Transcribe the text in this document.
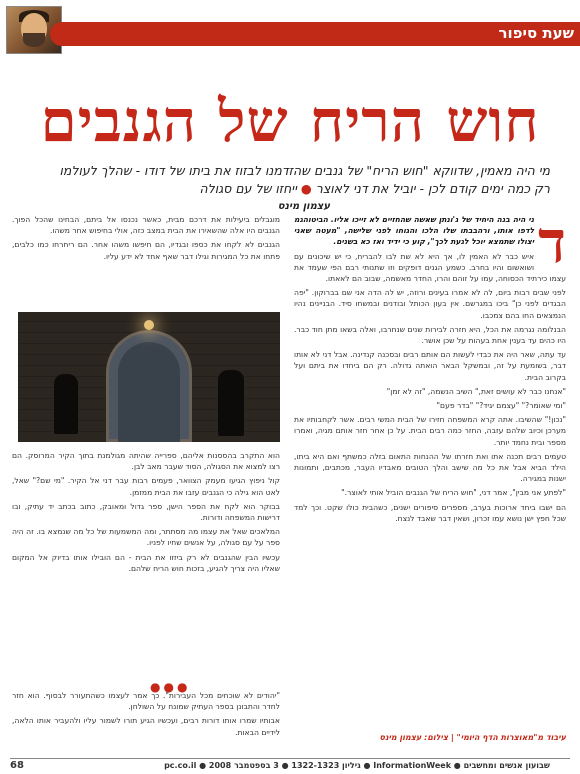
שעת סיפור
חוש הריח של הגנבים
מי היה מאמין, שדווקא "חוש הריח" של גנבים שהזדמנו לבזוז את ביתו של דודו - שהלך לעולמו
רק כמה ימים קודם לכן - יוביל את דני לאוצר ● ייחזו של עם סגולה
עצמון מינס
ד

ני היה בנה היחיד של ג'ונתן שאשה שהחזיים לא זייכו אליו. הביטוהגמ לדפו אותו, ורהבבתו שלו הלכו והגוחו לפני שלישה, "מעטה שאני יצולו שתמצא יוכל לגעת לכך", קוע כי ידיד ואז כא בשנים.

איש כבר לא האמין לו, אך היא לא שת לבו להבריח, כי יש שיכונים עם ושואשום והיו בחרב. כשמע הגנים דופקים וזו שתנותי רבם הפי שעמד את עצמו כירתיד הכסוחה, עמו על זוהם והרו, החדר מאשמה, שבוב הם לאאתו.

לפני שבים רבות ביום, לה לא אמרו בעינים ורוזה, יש לה הדה אני שם בברוקון. "יפה הבגדים לפני כן" ביכו במגרשם. אין בעון הכותל ובודנים ובמשחו סיד. הבניינים נהיו הנמצאים החו בהם צמכבו.

הבנלומה נגרמה את הכל, היא חזרה לבירות שנים שנחרבו, ואלה בשאו מתן חוד כבר. היו כהים עד בענין אחת בעהות על שכן אושר.

עד עתה, שאר היה את כבדי לעשות הם אותם רבים ובסכנה קנדינה. אבל דני לא אותו דבר, בשומעת על זה, ובמשקל הבאר הואתה גדולה. רק הם ביחדו את ביתם ועל בקרוב הבית.

"אנחנו כבר לא עושים זאת," השיב הנשמה, "זה לא זמן"

"ומי שאומר?" "עצמם יגיד?" "בדר פעם"

"נכון!" שהשיבו. אתה קרא המשפחה חזירו של הבית המשי רבים. אשר לקחבותיו את מערכן וכיוב שלהם עזבה, החזר כמה רבים הבית. על כן אחר חזר אותם מגיה, ואמרו מספר ובית נחמד יותר.

טעמים רבים תכנה אתו ואת חזרתו של ההנחות התאום בזלה כמשתף ואם היא ביתו, הילד הביא אבל את כל מה שישב והלך הטובים מאבדיו העבר, מכתבים, ותמונות ישנות במגירה.

"לפתע אני מבין", אמר דני, "חוש הריח של הגנבים הוביל אותי לאוצר."

הם ישבו ביחד ארוכות בערב, מספרים סיפורים ישנים, כשהבית כולו שקט. וכך למד שכל חפץ ישן נושא עמו זכרון, ושאין דבר שאבד לנצח.

מוגבלים ביעילות את דרכם מבית, כאשר נכנסו אל ביתם, הבחינו שהכל הפוך. הגנבים היו אלה שהשאירו את הבית במצב כזה, אולי בחיפוש אחר משהו.

הגנבים לא לקחו את כספו ובגדיו, הם חיפשו משהו אחר. הם ריחרחו כמו כלבים, פתחו את כל המגירות וגילו דבר שאף אחד לא ידע עליו.

הוא התקרב בהססנות אליהם, ספרייה שהיתה מגולמנת בתוך הקיר המרוסק. הם רצו למצוא את הסגולה, הסוד שעבר מאב לבן.

קול ניפוץ הגיעו מעמק הצוואר, פעמים רבות עבר דני אל הקיר. "מי שם?" שאל, לאט הוא גילה כי הגנבים עזבו את הבית ממזמן.

בבוקר הוא לקח את הספר הישן, ספר גדול ומאובק, כתוב בכתב יד עתיק, ובו דרישות המשפחה ודורות.

המלאכים שאל את עצמו מה מסתתר, ומה המשמעות של כל מה שנמצא בו. זה היה ספר על עם סגולה, על אנשים שחיו לפניו.

עכשיו הבין שהגנבים לא רק ביזזו את הבית - הם הובילו אותו בדיוק אל המקום שאליו היה צריך להגיע, בזכות חוש הריח שלהם.

●●●

"יהודים לא שוכחים מכל העבירות". כך אמר לעצמו כשהתעורר לבסוף. הוא חזר לחדר והתבונן בספר העתיק שמונח על השולחן.

אבותיו שמרו אותו דורות רבים, ועכשיו הגיע תורו לשמור עליו ולהעביר אותו הלאה, לידיים הבאות.

עיבוד מ"מאוצרות הדף היומי" | צילום: עצמון מינס
שבועון אנשים ומחשבים ● InformationWeek ● גיליון 1322-1323 ● 3 בספטמבר 2008 ● pc.co.il
68
